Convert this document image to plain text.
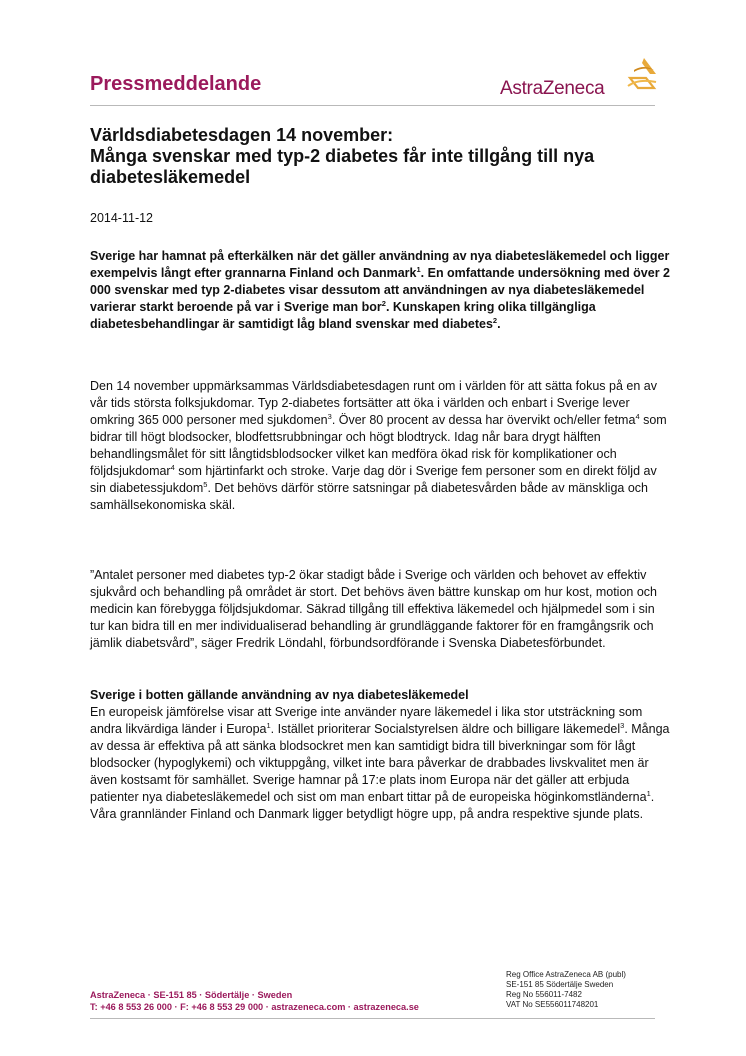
Pressmeddelande	AstraZeneca
Världsdiabetesdagen 14 november:
Många svenskar med typ-2 diabetes får inte tillgång till nya diabetesläkemedel
2014-11-12

Sverige har hamnat på efterkälken när det gäller användning av nya diabetesläkemedel och ligger exempelvis långt efter grannarna Finland och Danmark$^1$. En omfattande undersökning med över 2 000 svenskar med typ 2-diabetes visar dessutom att användningen av nya diabetesläkemedel varierar starkt beroende på var i Sverige man bor$^2$. Kunskapen kring olika tillgängliga diabetesbehandlingar är samtidigt låg bland svenskar med diabetes$^2$.

Den 14 november uppmärksammas Världsdiabetesdagen runt om i världen för att sätta fokus på en av vår tids största folksjukdomar. Typ 2-diabetes fortsätter att öka i världen och enbart i Sverige lever omkring 365 000 personer med sjukdomen$^3$. Över 80 procent av dessa har övervikt och/eller fetma$^4$ som bidrar till högt blodsocker, blodfettsrubbningar och högt blodtryck. Idag når bara drygt hälften behandlingsmålet för sitt långtidsblodsocker vilket kan medföra ökad risk för komplikationer och följdsjukdomar$^4$ som hjärtinfarkt och stroke. Varje dag dör i Sverige fem personer som en direkt följd av sin diabetessjukdom$^5$. Det behövs därför större satsningar på diabetesvården både av mänskliga och samhällsekonomiska skäl.

”Antalet personer med diabetes typ-2 ökar stadigt både i Sverige och världen och behovet av effektiv sjukvård och behandling på området är stort. Det behövs även bättre kunskap om hur kost, motion och medicin kan förebygga följdsjukdomar. Säkrad tillgång till effektiva läkemedel och hjälpmedel som i sin tur kan bidra till en mer individualiserad behandling är grundläggande faktorer för en framgångsrik och jämlik diabetsvård”, säger Fredrik Löndahl, förbundsordförande i Svenska Diabetesförbundet.

Sverige i botten gällande användning av nya diabetesläkemedel
En europeisk jämförelse visar att Sverige inte använder nyare läkemedel i lika stor utsträckning som andra likvärdiga länder i Europa$^1$. Istället prioriterar Socialstyrelsen äldre och billigare läkemedel$^3$. Många av dessa är effektiva på att sänka blodsockret men kan samtidigt bidra till biverkningar som för lågt blodsocker (hypoglykemi) och viktuppgång, vilket inte bara påverkar de drabbades livskvalitet men är även kostsamt för samhället. Sverige hamnar på 17:e plats inom Europa när det gäller att erbjuda patienter nya diabetesläkemedel och sist om man enbart tittar på de europeiska höginkomstländerna$^1$. Våra grannländer Finland och Danmark ligger betydligt högre upp, på andra respektive sjunde plats.

AstraZeneca · SE-151 85 · Södertälje · Sweden
T: +46 8 553 26 000 · F: +46 8 553 29 000 · astrazeneca.com · astrazeneca.se
Reg Office AstraZeneca AB (publ)
SE-151 85 Södertälje Sweden
Reg No 556011-7482
VAT No SE556011748201
